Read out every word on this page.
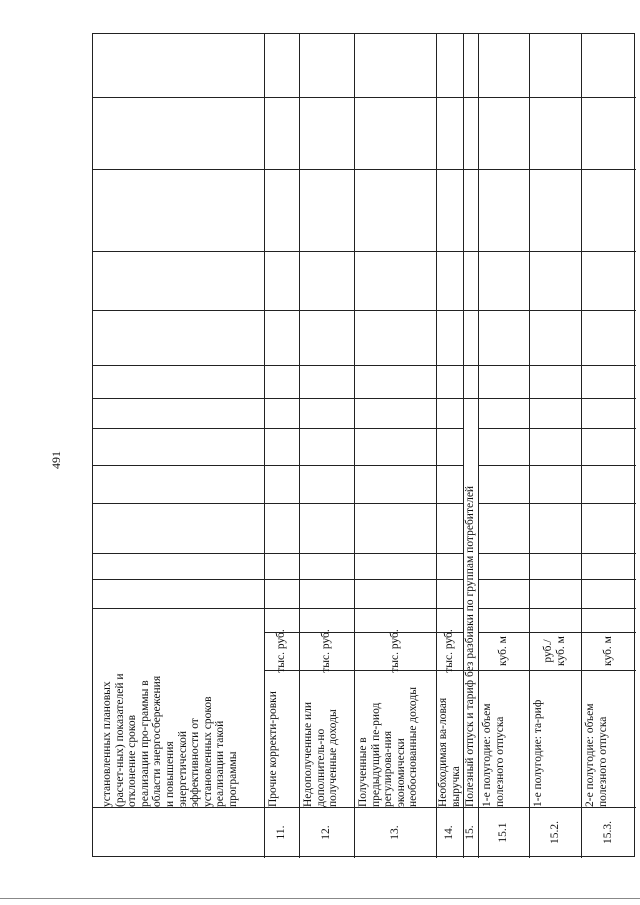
491
установленных плановых (расчет-ных) показателей и отклонение сроков реализации про-граммы в области энергосбережения и повышения энергетической эффективности от установленных сроков реализации такой программы
11.
Прочие корректи-ровки
тыс. руб.
12.
Недополученные или дополнитель-но полученные доходы
тыс. руб.
13.
Полученные в предыдущий пе-риод регулирова-ния экономически необоснованные доходы
тыс. руб.
14.
Необходимая ва-ловая выручка
тыс. руб.
15.
Полезный отпуск и тариф без разбивки по группам потребителей
15.1
1-е полугодие: объем полезного отпуска
куб. м
15.2.
1-е полугодие: та-риф
руб./ куб. м
15.3.
2-е полугодие: объем полезного отпуска
куб. м
